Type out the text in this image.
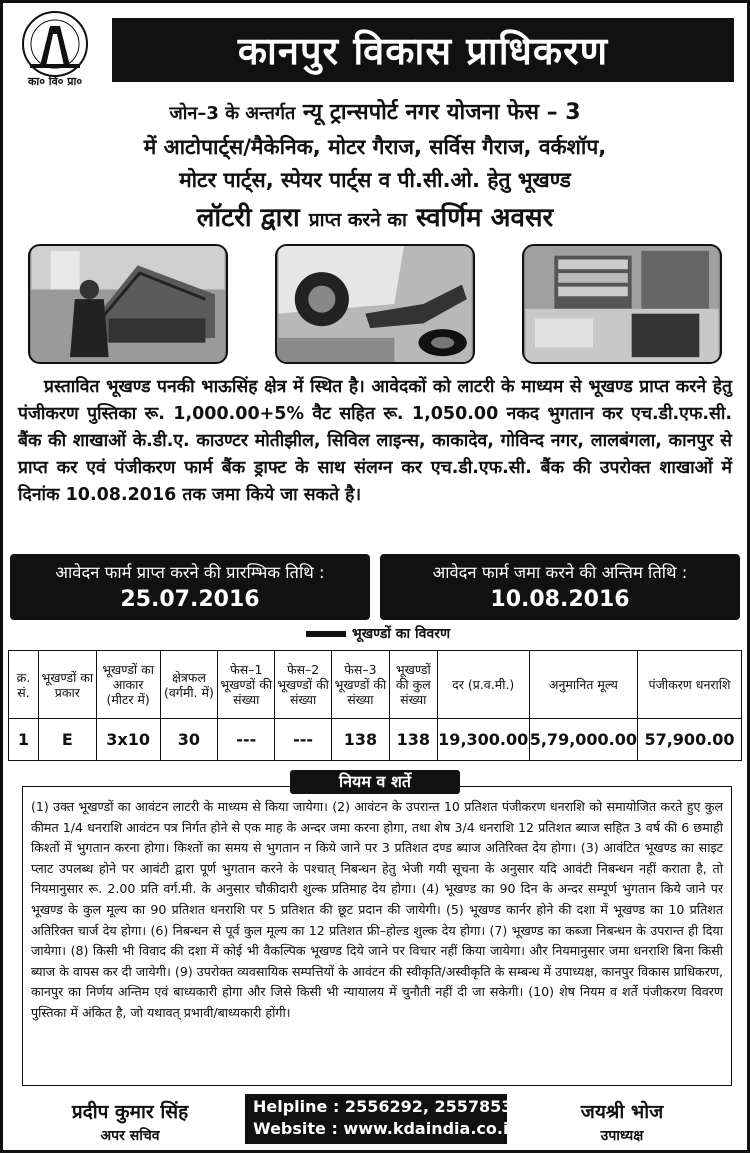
का० वि० प्रा०
कानपुर विकास प्राधिकरण
जोन–3 के अन्तर्गत न्यू ट्रान्सपोर्ट नगर योजना फेस – 3
में आटोपार्ट्स/मैकेनिक, मोटर गैराज, सर्विस गैराज, वर्कशॉप,
मोटर पार्ट्स, स्पेयर पार्ट्स व पी.सी.ओ. हेतु भूखण्ड
लॉटरी द्वारा प्राप्त करने का स्वर्णिम अवसर
प्रस्तावित भूखण्ड पनकी भाऊसिंह क्षेत्र में स्थित है। आवेदकों को लाटरी के माध्यम से भूखण्ड प्राप्त करने हेतु पंजीकरण पुस्तिका रू. 1,000.00+5% वैट सहित रू. 1,050.00 नकद भुगतान कर एच.डी.एफ.सी. बैंक की शाखाओं के.डी.ए. काउण्टर मोतीझील, सिविल लाइन्स, काकादेव, गोविन्द नगर, लालबंगला, कानपुर से प्राप्त कर एवं पंजीकरण फार्म बैंक ड्राफ्ट के साथ संलग्न कर एच.डी.एफ.सी. बैंक की उपरोक्त शाखाओं में दिनांक 10.08.2016 तक जमा किये जा सकते है।
आवेदन फार्म प्राप्त करने की प्रारम्भिक तिथि :
25.07.2016
आवेदन फार्म जमा करने की अन्तिम तिथि :
10.08.2016
भूखण्डों का विवरण
क्र. सं.	भूखण्डों का प्रकार	भूखण्डों का आकार (मीटर में)	क्षेत्रफल (वर्गमी. में)	फेस–1 भूखण्डों की संख्या	फेस–2 भूखण्डों की संख्या	फेस–3 भूखण्डों की संख्या	भूखण्डों की कुल संख्या	दर (प्र.व.मी.)	अनुमानित मूल्य	पंजीकरण धनराशि
1	E	3x10	30	---	---	138	138	19,300.00	5,79,000.00	57,900.00

(1) उक्त भूखण्डों का आवंटन लाटरी के माध्यम से किया जायेगा। (2) आवंटन के उपरान्त 10 प्रतिशत पंजीकरण धनराशि को समायोजित करते हुए कुल कीमत 1/4 धनराशि आवंटन पत्र निर्गत होने से एक माह के अन्दर जमा करना होगा, तथा शेष 3/4 धनराशि 12 प्रतिशत ब्याज सहित 3 वर्ष की 6 छमाही किश्तों में भुगतान करना होगा। किश्तों का समय से भुगतान न किये जाने पर 3 प्रतिशत दण्ड ब्याज अतिरिक्त देय होगा। (3) आवंटित भूखण्ड का साइट प्लाट उपलब्ध होने पर आवंटी द्वारा पूर्ण भुगतान करने के पश्चात् निबन्धन हेतु भेजी गयी सूचना के अनुसार यदि आवंटी निबन्धन नहीं कराता है, तो नियमानुसार रू. 2.00 प्रति वर्ग.मी. के अनुसार चौकीदारी शुल्क प्रतिमाह देय होगा। (4) भूखण्ड का 90 दिन के अन्दर सम्पूर्ण भुगतान किये जाने पर भूखण्ड के कुल मूल्य का 90 प्रतिशत धनराशि पर 5 प्रतिशत की छूट प्रदान की जायेगी। (5) भूखण्ड कार्नर होने की दशा में भूखण्ड का 10 प्रतिशत अतिरिक्त चार्ज देय होगा। (6) निबन्धन से पूर्व कुल मूल्य का 12 प्रतिशत फ्री–होल्ड शुल्क देय होगा। (7) भूखण्ड का कब्जा निबन्धन के उपरान्त ही दिया जायेगा। (8) किसी भी विवाद की दशा में कोई भी वैकल्पिक भूखण्ड दिये जाने पर विचार नहीं किया जायेगा। और नियमानुसार जमा धनराशि बिना किसी ब्याज के वापस कर दी जायेगी। (9) उपरोक्त व्यवसायिक सम्पत्तियों के आवंटन की स्वीकृति/अस्वीकृति के सम्बन्ध में उपाध्यक्ष, कानपुर विकास प्राधिकरण, कानपुर का निर्णय अन्तिम एवं बाध्यकारी होगा और जिसे किसी भी न्यायालय में चुनौती नहीं दी जा सकेगी। (10) शेष नियम व शर्ते पंजीकरण विवरण पुस्तिका में अंकित है, जो यथावत् प्रभावी/बाध्यकारी होंगी।

नियम व शर्ते
प्रदीप कुमार सिंह
अपर सचिव
Helpline : 2556292, 2557853
Website : www.kdaindia.co.in
जयश्री भोज
उपाध्यक्ष
